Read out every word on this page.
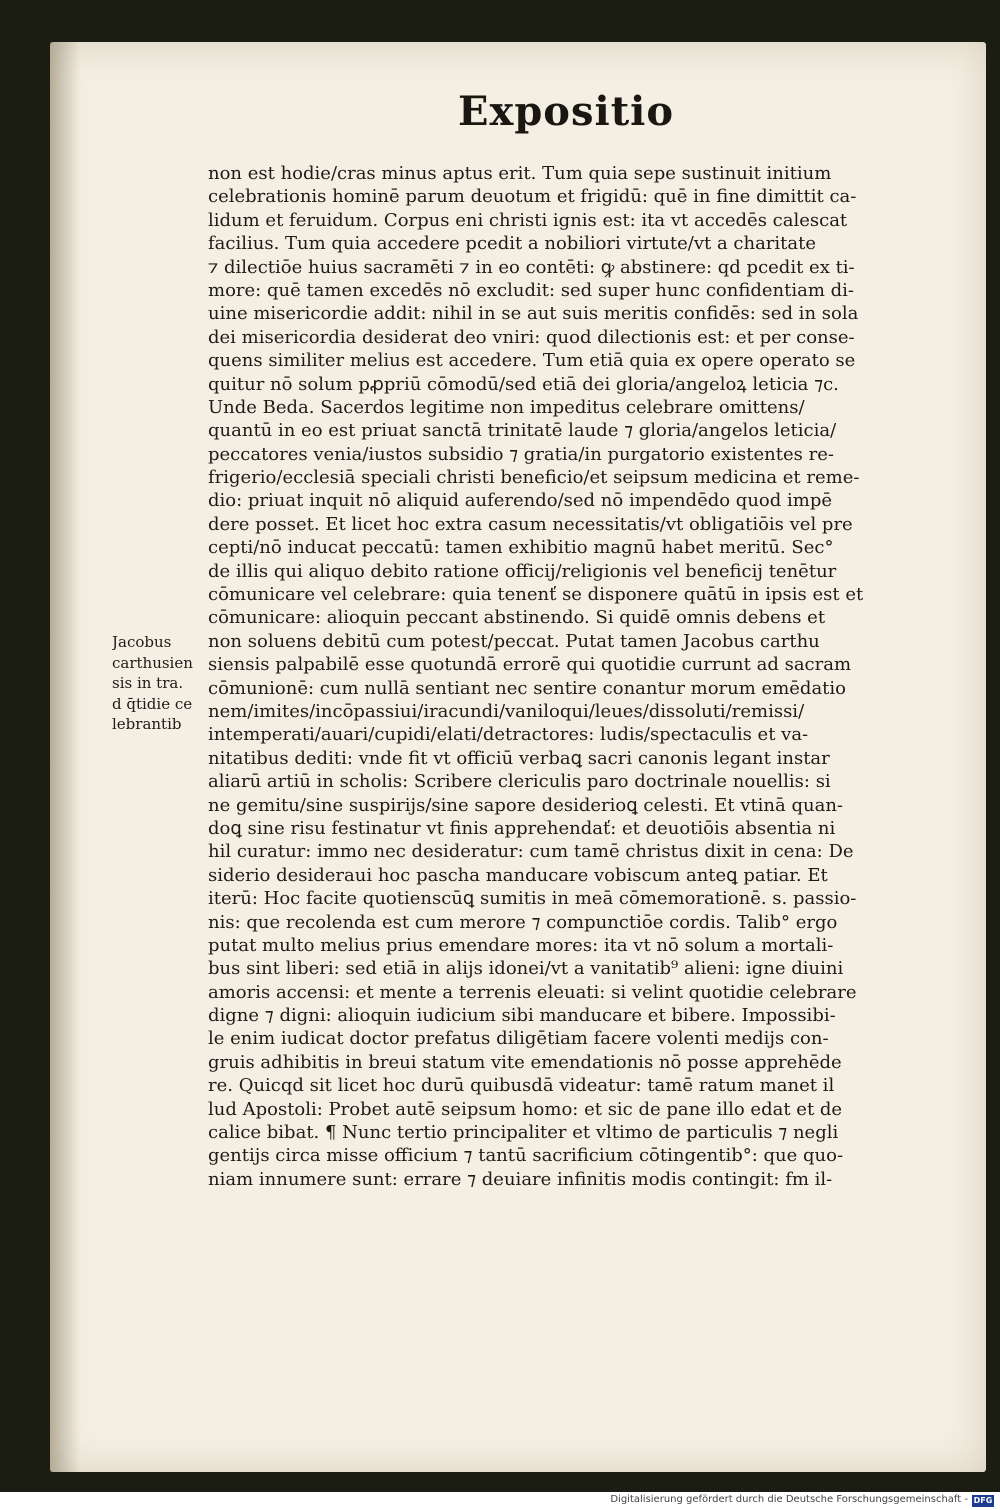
Expositio
non est hodie/cras minus aptus erit. Tum quia sepe sustinuit initium
celebrationis hominē parum deuotum et frigidū: quē in fine dimittit ca-
lidum et feruidum. Corpus eni christi ignis est: ita vt accedēs calescat
facilius. Tum quia accedere pcedit a nobiliori virtute/vt a charitate
⁊ dilectiōe huius sacramēti ⁊ in eo contēti: ꝙ abstinere: qd pcedit ex ti-
more: quē tamen excedēs nō excludit: sed super hunc confidentiam di-
uine misericordie addit: nihil in se aut suis meritis confidēs: sed in sola
dei misericordia desiderat deo vniri: quod dilectionis est: et per conse-
quens similiter melius est accedere. Tum etiā quia ex opere operato se
quitur nō solum pꝓpriū cōmodū/sed etiā dei gloria/angeloꝝ leticia ⁊c.
Unde Beda. Sacerdos legitime non impeditus celebrare omittens/
quantū in eo est priuat sanctā trinitatē laude ⁊ gloria/angelos leticia/
peccatores venia/iustos subsidio ⁊ gratia/in purgatorio existentes re-
frigerio/ecclesiā speciali christi beneficio/et seipsum medicina et reme-
dio: priuat inquit nō aliquid auferendo/sed nō impendēdo quod impē
dere posset. Et licet hoc extra casum necessitatis/vt obligatiōis vel pre
cepti/nō inducat peccatū: tamen exhibitio magnū habet meritū. Sec°
de illis qui aliquo debito ratione officij/religionis vel beneficij tenētur
cōmunicare vel celebrare: quia tenenť se disponere quātū in ipsis est et
cōmunicare: alioquin peccant abstinendo. Si quidē omnis debens et
non soluens debitū cum potest/peccat. Putat tamen Jacobus carthu
siensis palpabilē esse quotundā errorē qui quotidie currunt ad sacram
cōmunionē: cum nullā sentiant nec sentire conantur morum emēdatio
nem/imites/incōpassiui/iracundi/vaniloqui/leues/dissoluti/remissi/
intemperati/auari/cupidi/elati/detractores: ludis/spectaculis et va-
nitatibus dediti: vnde fit vt officiū verbaꝗ sacri canonis legant instar
aliarū artiū in scholis: Scribere clericulis paro doctrinale nouellis: si
ne gemitu/sine suspirijs/sine sapore desiderioꝗ celesti. Et vtinā quan-
doꝗ sine risu festinatur vt finis apprehendať: et deuotiōis absentia ni
hil curatur: immo nec desideratur: cum tamē christus dixit in cena: De
siderio desideraui hoc pascha manducare vobiscum anteꝗ patiar. Et
iterū: Hoc facite quotienscūꝗ sumitis in meā cōmemorationē. s. passio-
nis: que recolenda est cum merore ⁊ compunctiōe cordis. Talib° ergo
putat multo melius prius emendare mores: ita vt nō solum a mortali-
bus sint liberi: sed etiā in alijs idonei/vt a vanitatib⁹ alieni: igne diuini
amoris accensi: et mente a terrenis eleuati: si velint quotidie celebrare
digne ⁊ digni: alioquin iudicium sibi manducare et bibere. Impossibi-
le enim iudicat doctor prefatus diligētiam facere volenti medijs con-
gruis adhibitis in breui statum vite emendationis nō posse apprehēde
re. Quicqd sit licet hoc durū quibusdā videatur: tamē ratum manet il
lud Apostoli: Probet autē seipsum homo: et sic de pane illo edat et de
calice bibat. ¶ Nunc tertio principaliter et vltimo de particulis ⁊ negli
gentijs circa misse officium ⁊ tantū sacrificium cōtingentib°: que quo-
niam innumere sunt: errare ⁊ deuiare infinitis modis contingit: fm il-
Jacobus
carthusien
sis in tra.
d q̄tidie ce
lebrantib
Digitalisierung gefördert durch die Deutsche Forschungsgemeinschaft - DFG
